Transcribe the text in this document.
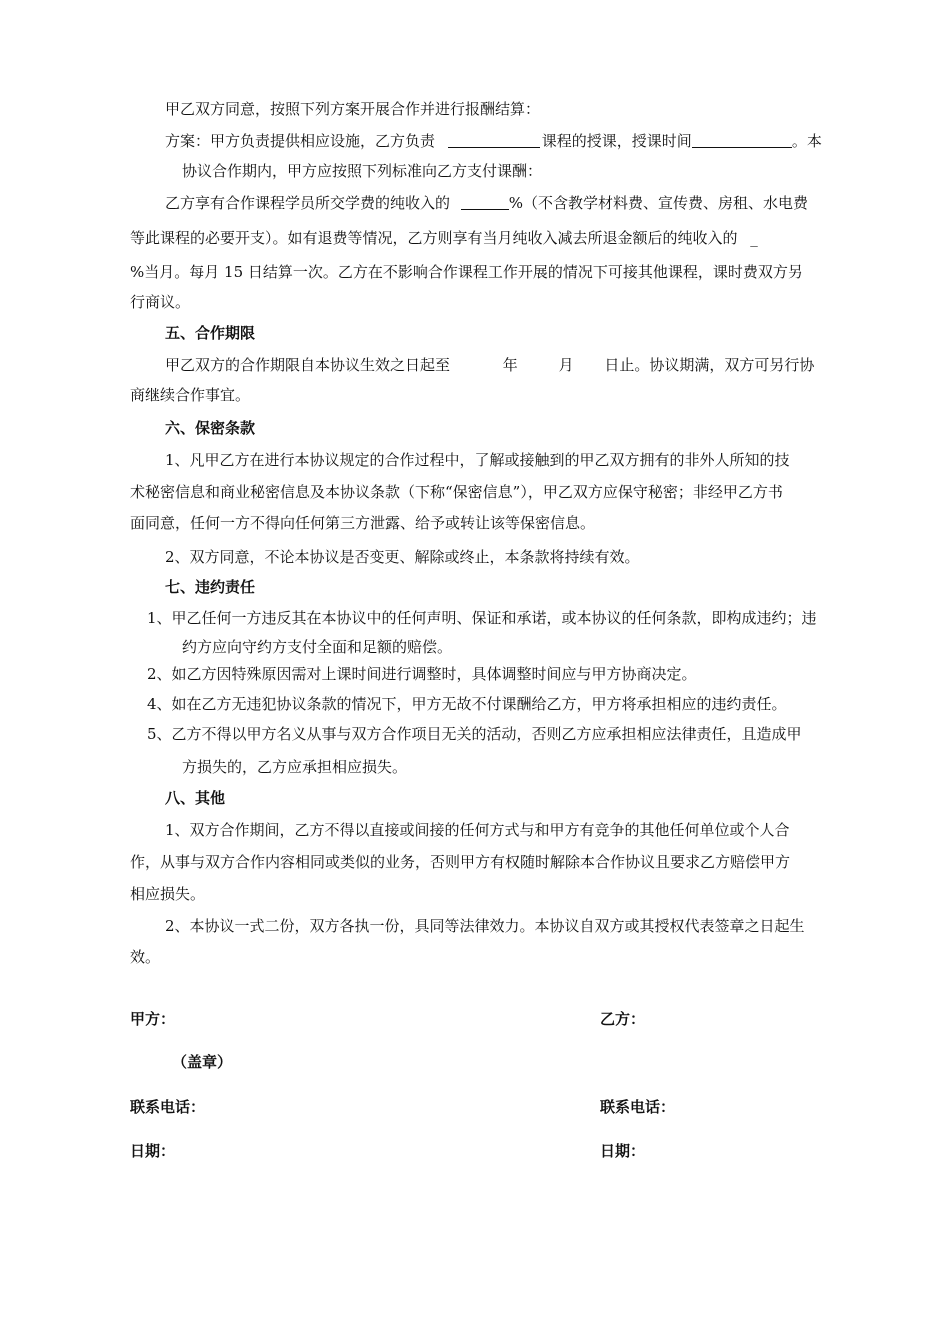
甲乙双方同意，按照下列方案开展合作并进行报酬结算：
方案：甲方负责提供相应设施，乙方负责	课程的授课，授课时间	。本
协议合作期内，甲方应按照下列标准向乙方支付课酬：
乙方享有合作课程学员所交学费的纯收入的	%（不含教学材料费、宣传费、房租、水电费
等此课程的必要开支）。如有退费等情况，乙方则享有当月纯收入减去所退金额后的纯收入的 _
%当月。每月 15 日结算一次。乙方在不影响合作课程工作开展的情况下可接其他课程，课时费双方另
行商议。
五、合作期限
甲乙双方的合作期限自本协议生效之日起至	年	月 日止。协议期满，双方可另行协
商继续合作事宜。
六、保密条款
1、凡甲乙方在进行本协议规定的合作过程中，了解或接触到的甲乙双方拥有的非外人所知的技
术秘密信息和商业秘密信息及本协议条款（下称“保密信息”），甲乙双方应保守秘密；非经甲乙方书
面同意，任何一方不得向任何第三方泄露、给予或转让该等保密信息。
2、双方同意，不论本协议是否变更、解除或终止，本条款将持续有效。
七、违约责任
1、甲乙任何一方违反其在本协议中的任何声明、保证和承诺，或本协议的任何条款，即构成违约；违
约方应向守约方支付全面和足额的赔偿。
2、如乙方因特殊原因需对上课时间进行调整时，具体调整时间应与甲方协商决定。
4、如在乙方无违犯协议条款的情况下，甲方无故不付课酬给乙方，甲方将承担相应的违约责任。
5、乙方不得以甲方名义从事与双方合作项目无关的活动，否则乙方应承担相应法律责任，且造成甲
方损失的，乙方应承担相应损失。
八、其他
1、双方合作期间，乙方不得以直接或间接的任何方式与和甲方有竞争的其他任何单位或个人合
作，从事与双方合作内容相同或类似的业务，否则甲方有权随时解除本合作协议且要求乙方赔偿甲方
相应损失。
2、本协议一式二份，双方各执一份，具同等法律效力。本协议自双方或其授权代表签章之日起生
效。
甲方：	乙方：
（盖章）
联系电话：	联系电话：
日期：	日期：
